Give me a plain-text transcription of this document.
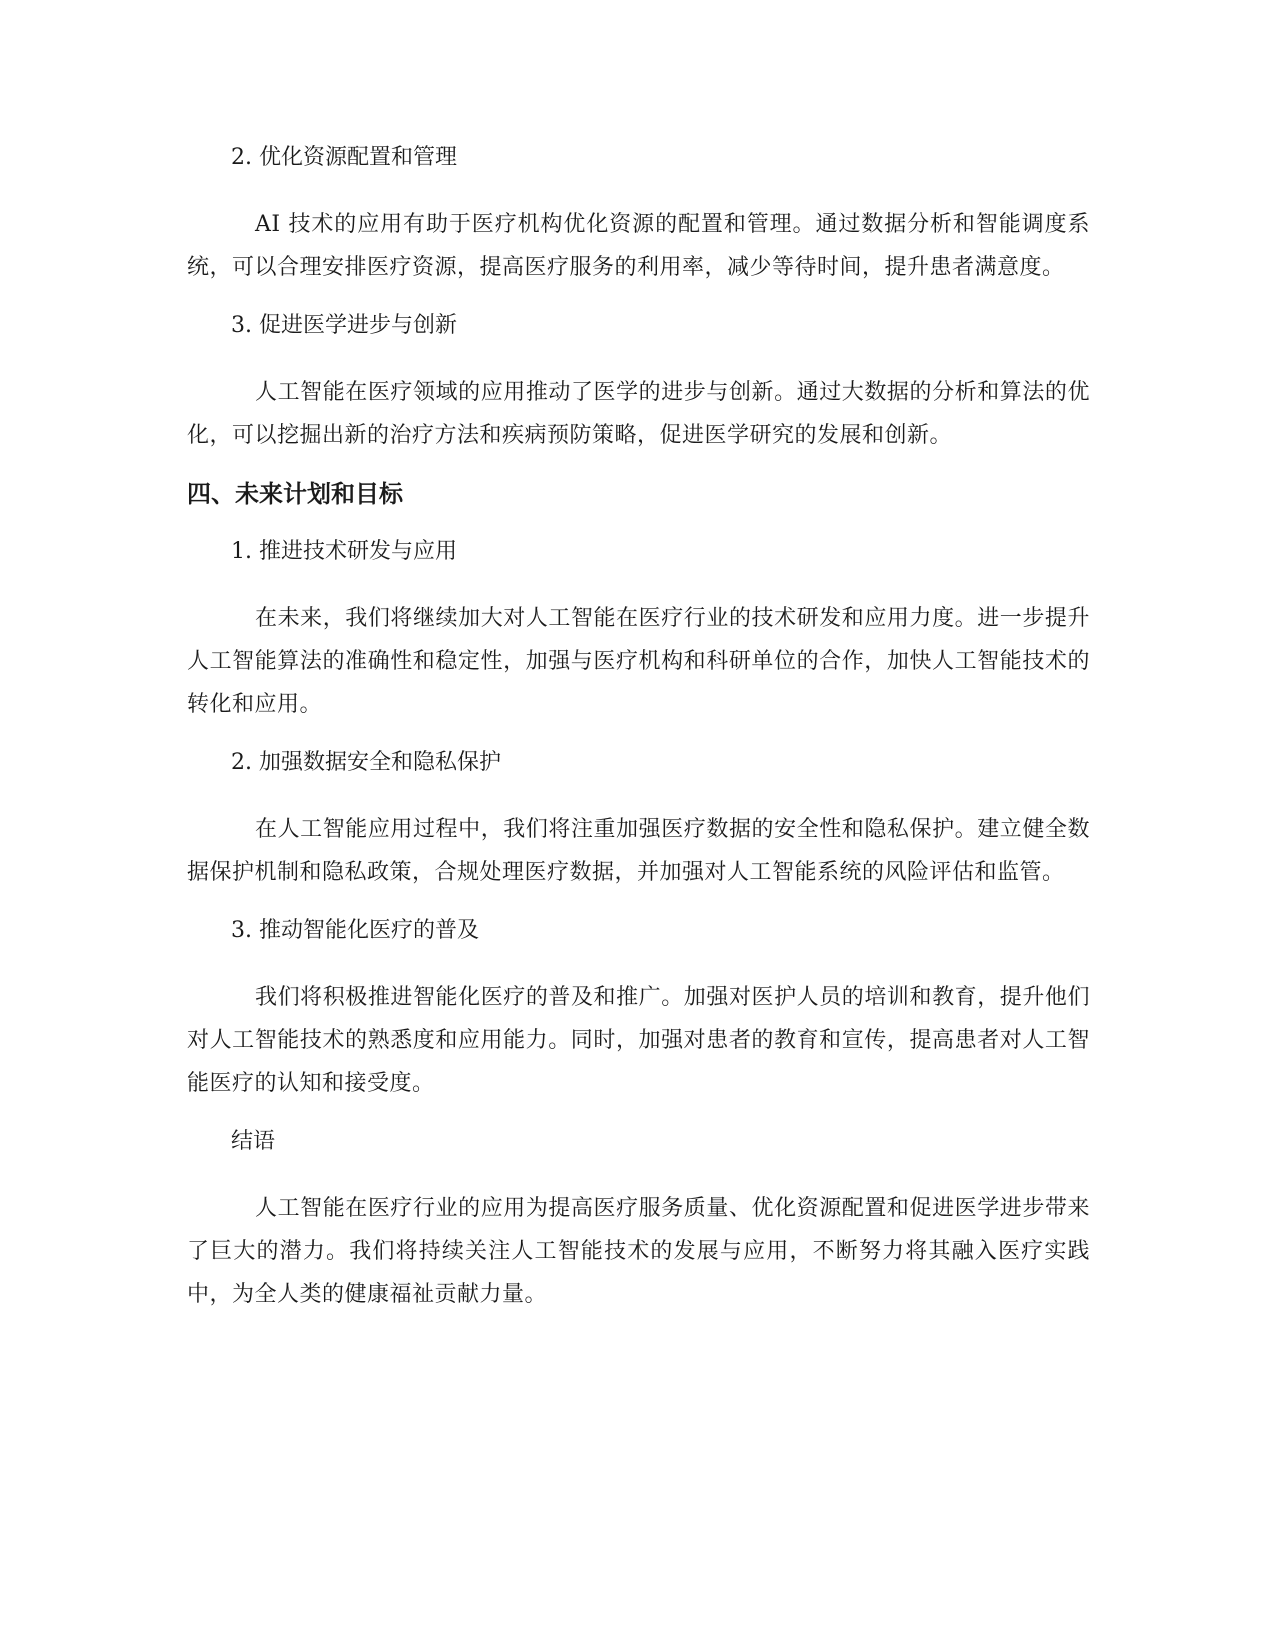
2. 优化资源配置和管理

AI 技术的应用有助于医疗机构优化资源的配置和管理。通过数据分析和智能调度系统，可以合理安排医疗资源，提高医疗服务的利用率，减少等待时间，提升患者满意度。

3. 促进医学进步与创新

人工智能在医疗领域的应用推动了医学的进步与创新。通过大数据的分析和算法的优化，可以挖掘出新的治疗方法和疾病预防策略，促进医学研究的发展和创新。

四、未来计划和目标
1. 推进技术研发与应用

在未来，我们将继续加大对人工智能在医疗行业的技术研发和应用力度。进一步提升人工智能算法的准确性和稳定性，加强与医疗机构和科研单位的合作，加快人工智能技术的转化和应用。

2. 加强数据安全和隐私保护

在人工智能应用过程中，我们将注重加强医疗数据的安全性和隐私保护。建立健全数据保护机制和隐私政策，合规处理医疗数据，并加强对人工智能系统的风险评估和监管。

3. 推动智能化医疗的普及

我们将积极推进智能化医疗的普及和推广。加强对医护人员的培训和教育，提升他们对人工智能技术的熟悉度和应用能力。同时，加强对患者的教育和宣传，提高患者对人工智能医疗的认知和接受度。

结语

人工智能在医疗行业的应用为提高医疗服务质量、优化资源配置和促进医学进步带来了巨大的潜力。我们将持续关注人工智能技术的发展与应用，不断努力将其融入医疗实践中，为全人类的健康福祉贡献力量。
